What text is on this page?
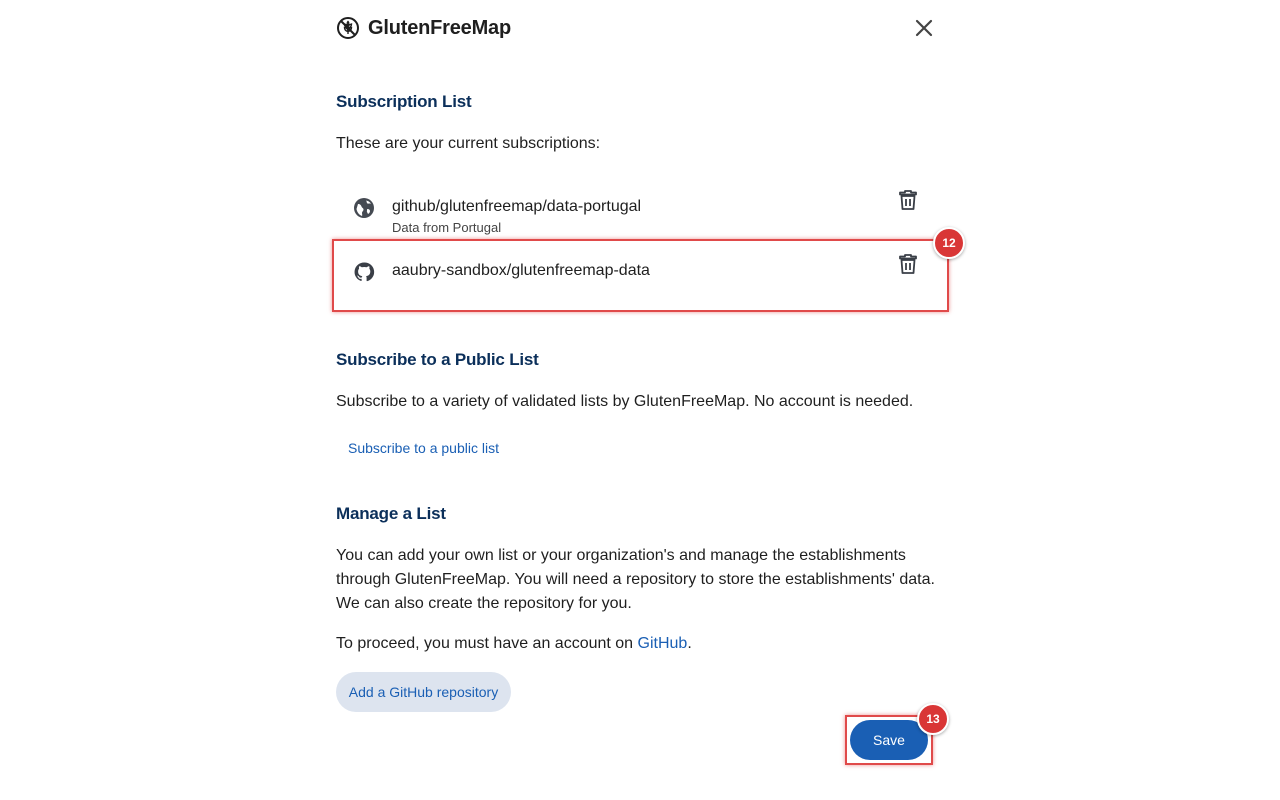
GlutenFreeMap
Subscription List
These are your current subscriptions:
github/glutenfreemap/data-portugal
Data from Portugal
aaubry-sandbox/glutenfreemap-data
Subscribe to a Public List
Subscribe to a variety of validated lists by GlutenFreeMap. No account is needed.
Subscribe to a public list
Manage a List
You can add your own list or your organization's and manage the establishments through GlutenFreeMap. You will need a repository to store the establishments' data. We can also create the repository for you.
To proceed, you must have an account on GitHub.
Add a GitHub repository
Save
12
13
